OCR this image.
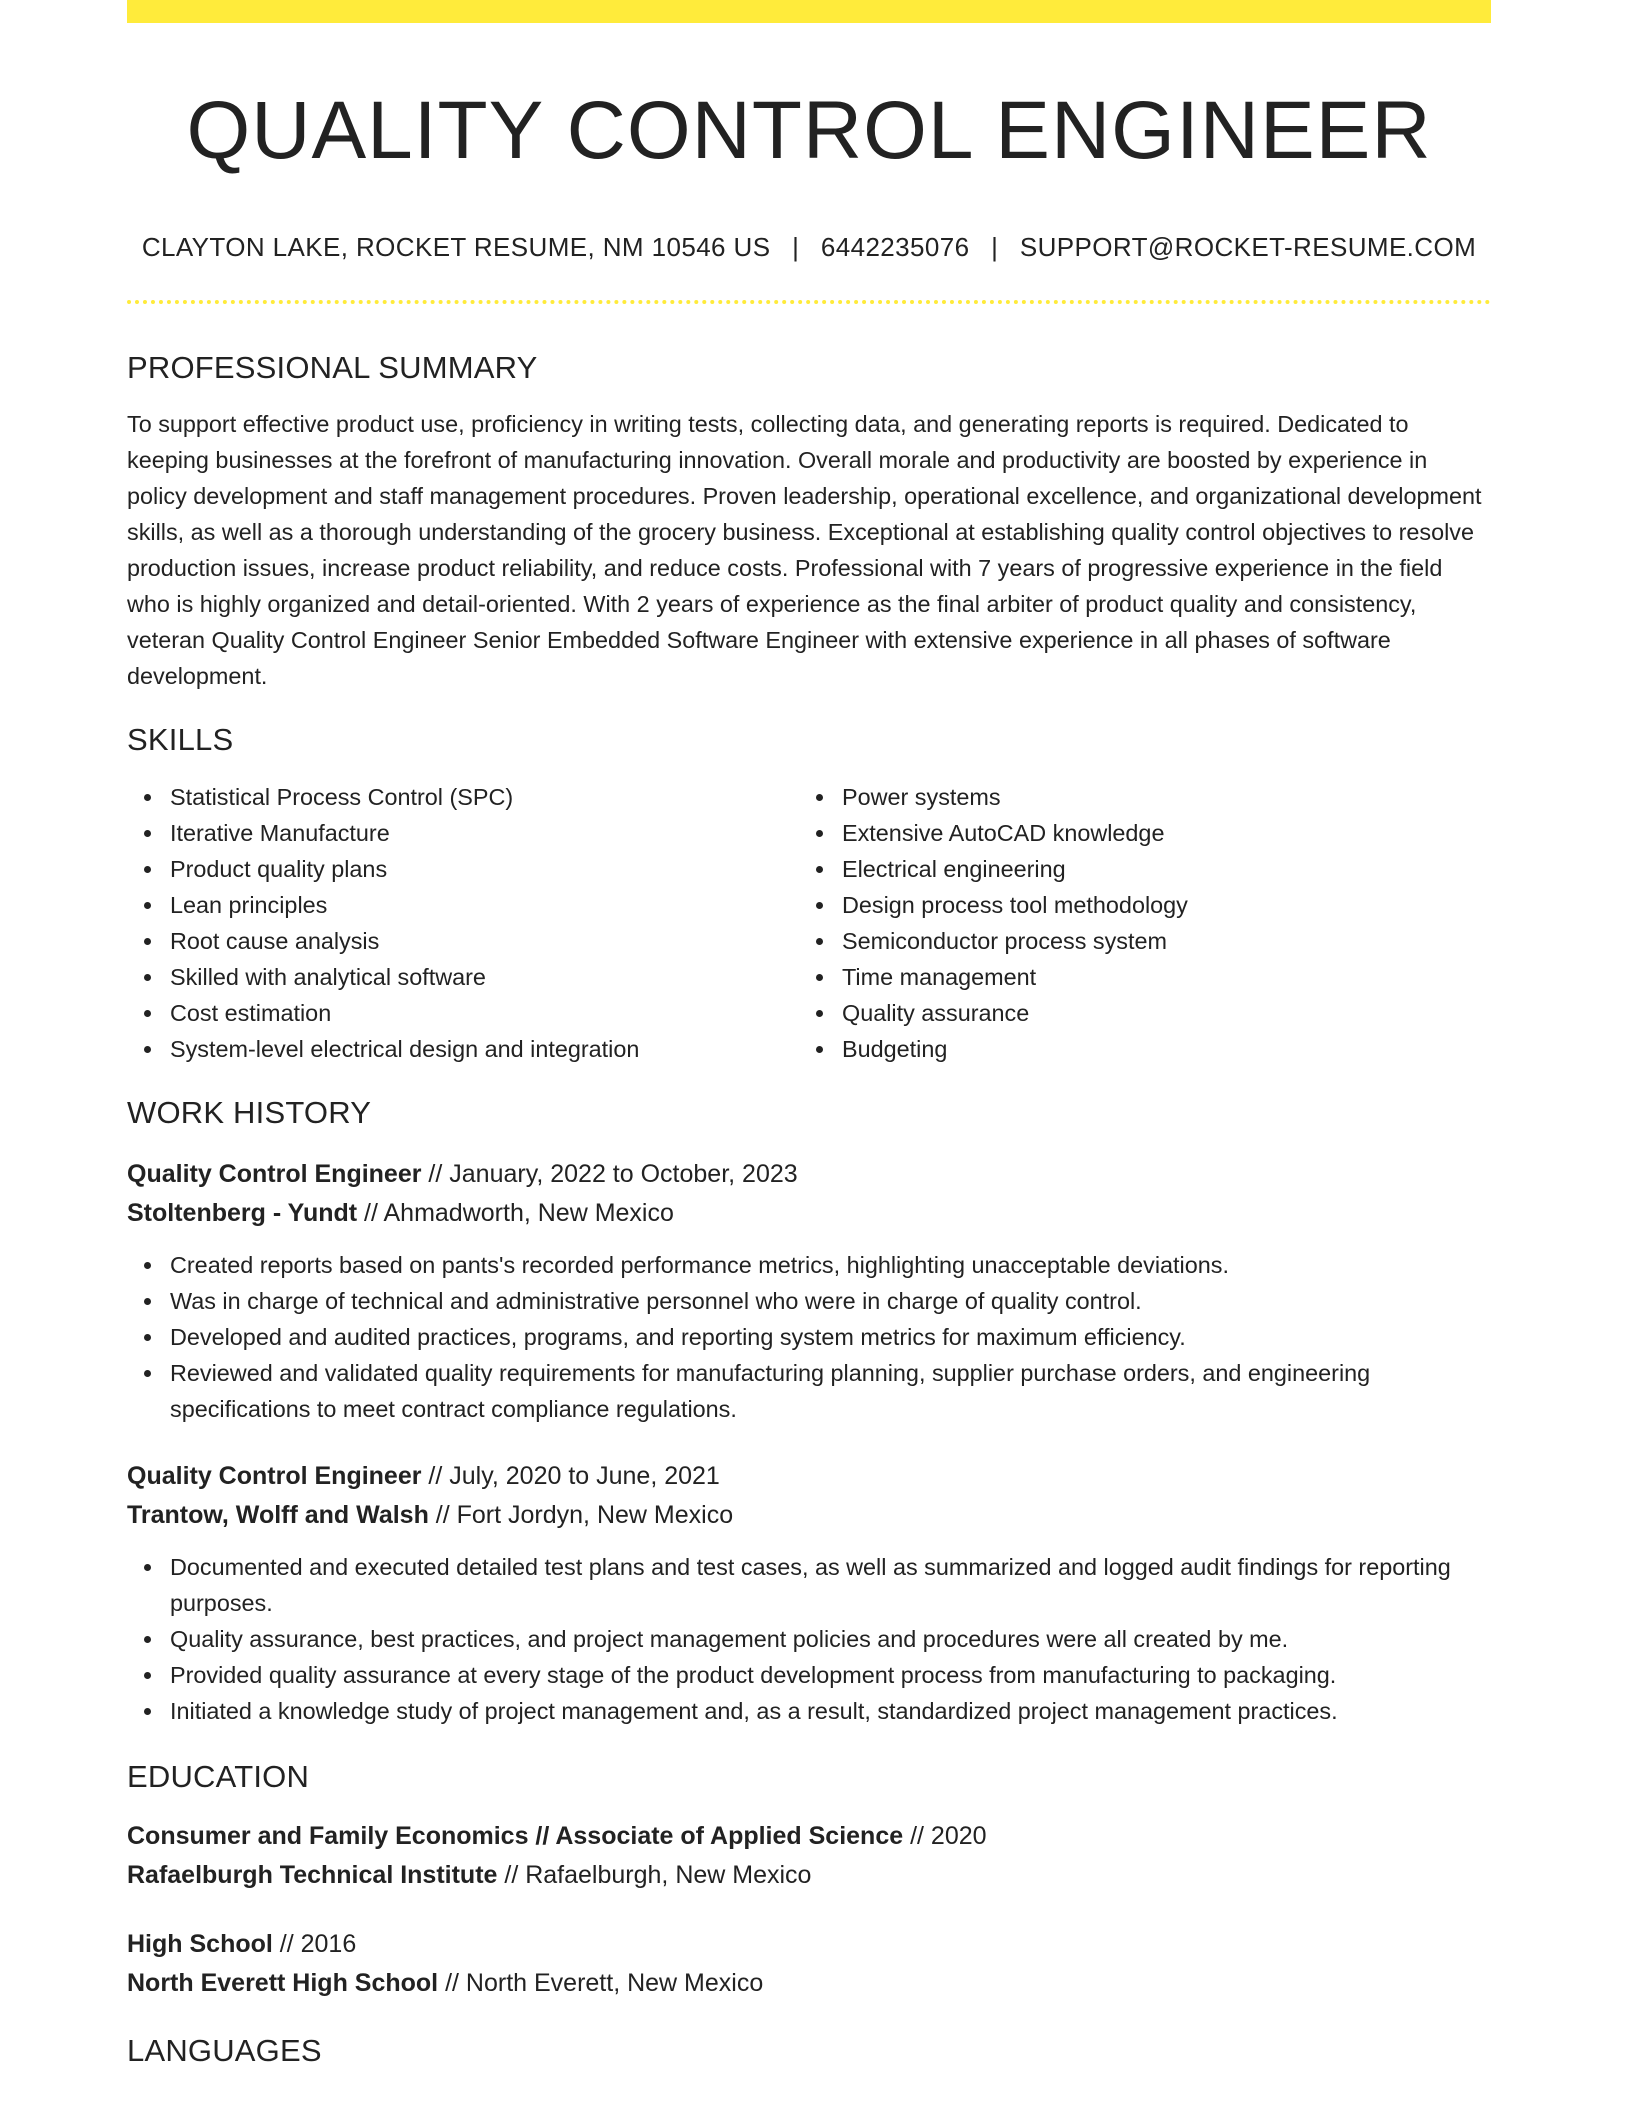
QUALITY CONTROL ENGINEER
CLAYTON LAKE, ROCKET RESUME, NM 10546 US | 6442235076 | SUPPORT@ROCKET-RESUME.COM
PROFESSIONAL SUMMARY

To support effective product use, proficiency in writing tests, collecting data, and generating reports is required. Dedicated to keeping businesses at the forefront of manufacturing innovation. Overall morale and productivity are boosted by experience in policy development and staff management procedures. Proven leadership, operational excellence, and organizational development skills, as well as a thorough understanding of the grocery business. Exceptional at establishing quality control objectives to resolve production issues, increase product reliability, and reduce costs. Professional with 7 years of progressive experience in the field who is highly organized and detail-oriented. With 2 years of experience as the final arbiter of product quality and consistency, veteran Quality Control Engineer Senior Embedded Software Engineer with extensive experience in all phases of software development.

SKILLS
Statistical Process Control (SPC)
Iterative Manufacture
Product quality plans
Lean principles
Root cause analysis
Skilled with analytical software
Cost estimation
System-level electrical design and integration
Power systems
Extensive AutoCAD knowledge
Electrical engineering
Design process tool methodology
Semiconductor process system
Time management
Quality assurance
Budgeting
WORK HISTORY
Quality Control Engineer // January, 2022 to October, 2023
Stoltenberg - Yundt // Ahmadworth, New Mexico
Created reports based on pants's recorded performance metrics, highlighting unacceptable deviations.
Was in charge of technical and administrative personnel who were in charge of quality control.
Developed and audited practices, programs, and reporting system metrics for maximum efficiency.
Reviewed and validated quality requirements for manufacturing planning, supplier purchase orders, and engineering specifications to meet contract compliance regulations.
Quality Control Engineer // July, 2020 to June, 2021
Trantow, Wolff and Walsh // Fort Jordyn, New Mexico
Documented and executed detailed test plans and test cases, as well as summarized and logged audit findings for reporting purposes.
Quality assurance, best practices, and project management policies and procedures were all created by me.
Provided quality assurance at every stage of the product development process from manufacturing to packaging.
Initiated a knowledge study of project management and, as a result, standardized project management practices.
EDUCATION
Consumer and Family Economics // Associate of Applied Science // 2020
Rafaelburgh Technical Institute // Rafaelburgh, New Mexico
High School // 2016
North Everett High School // North Everett, New Mexico
LANGUAGES
